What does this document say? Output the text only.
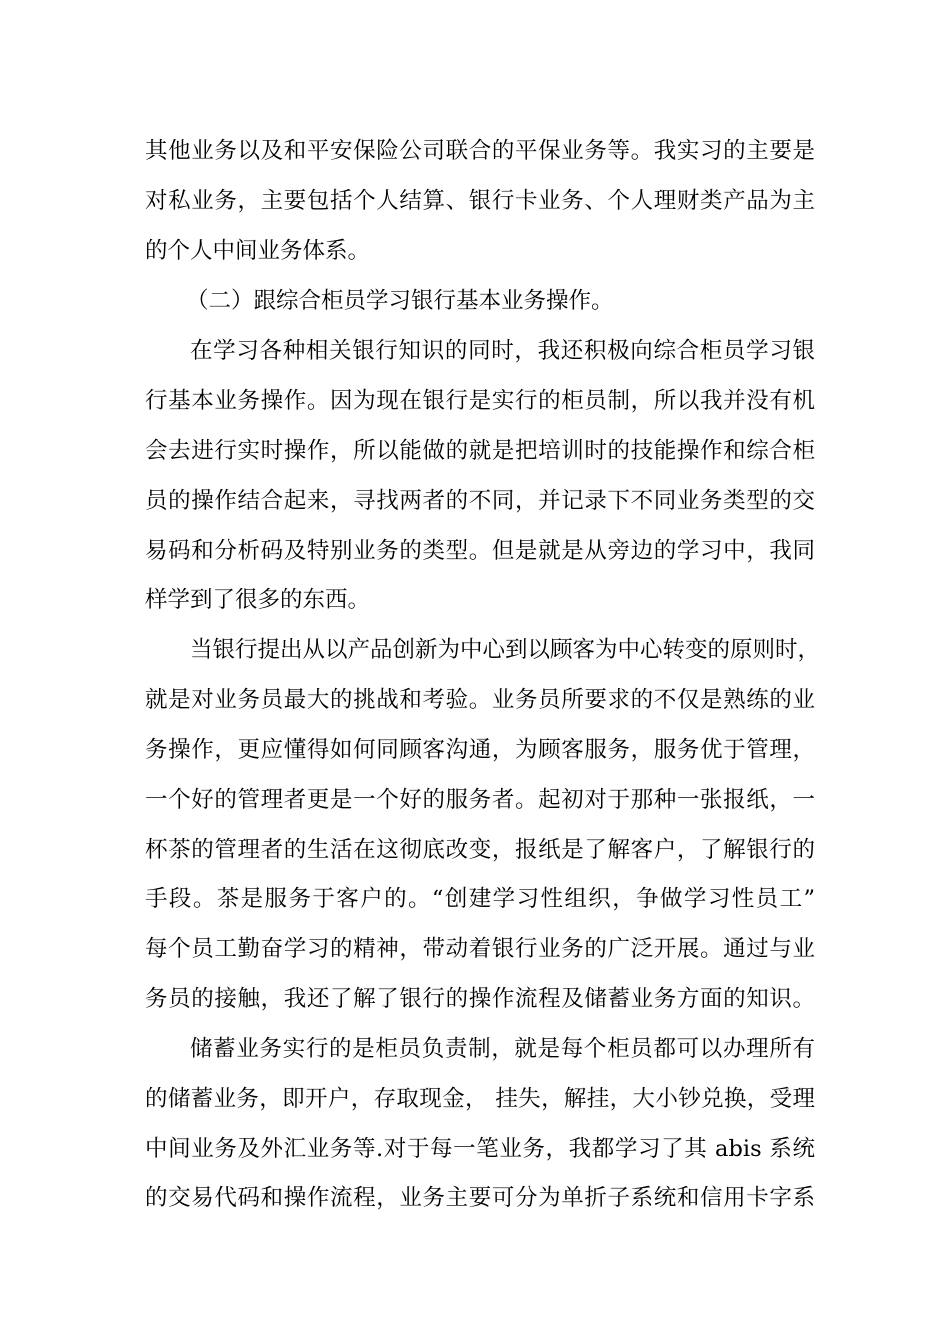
其他业务以及和平安保险公司联合的平保业务等。我实习的主要是
对私业务，主要包括个人结算、银行卡业务、个人理财类产品为主
的个人中间业务体系。
（二）跟综合柜员学习银行基本业务操作。
在学习各种相关银行知识的同时，我还积极向综合柜员学习银
行基本业务操作。因为现在银行是实行的柜员制，所以我并没有机
会去进行实时操作，所以能做的就是把培训时的技能操作和综合柜
员的操作结合起来，寻找两者的不同，并记录下不同业务类型的交
易码和分析码及特别业务的类型。但是就是从旁边的学习中，我同
样学到了很多的东西。
当银行提出从以产品创新为中心到以顾客为中心转变的原则时，
就是对业务员最大的挑战和考验。业务员所要求的不仅是熟练的业
务操作，更应懂得如何同顾客沟通，为顾客服务，服务优于管理，
一个好的管理者更是一个好的服务者。起初对于那种一张报纸，一
杯茶的管理者的生活在这彻底改变，报纸是了解客户，了解银行的
手段。茶是服务于客户的。“创建学习性组织，争做学习性员工”
每个员工勤奋学习的精神，带动着银行业务的广泛开展。通过与业
务员的接触，我还了解了银行的操作流程及储蓄业务方面的知识。
储蓄业务实行的是柜员负责制，就是每个柜员都可以办理所有
的储蓄业务，即开户，存取现金， 挂失，解挂，大小钞兑换，受理
中间业务及外汇业务等.对于每一笔业务，我都学习了其 abis 系统
的交易代码和操作流程，业务主要可分为单折子系统和信用卡字系
